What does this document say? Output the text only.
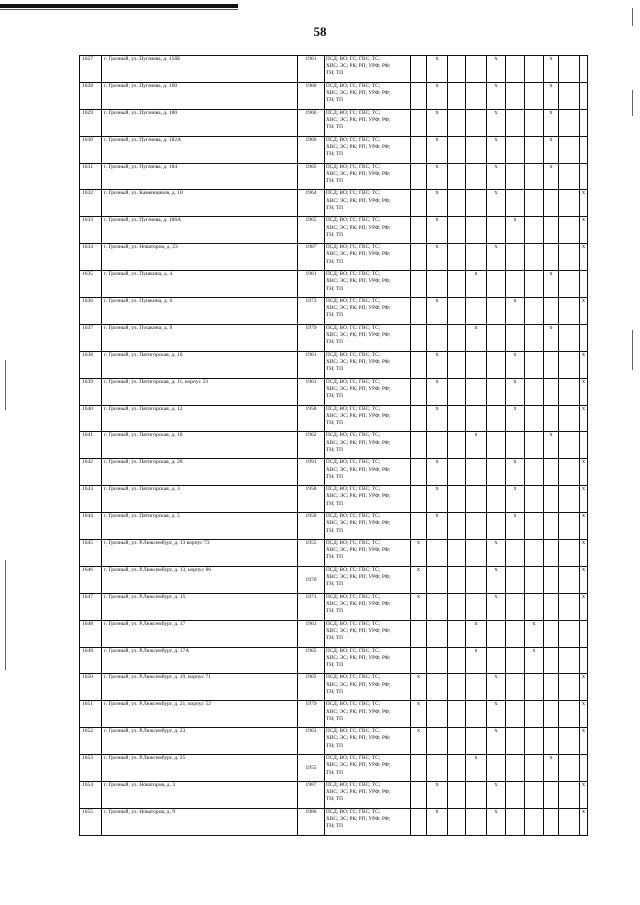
58
1627	г. Грозный, ул. Пугачева, д. 158Б	1961	ПСД; ВО; ГС; ГВС; ТС;
ХВС; ЭС; РК; РП; УРФ; РФ;
ТН; ТП		x			x			x			
1628	г. Грозный, ул. Пугачева, д. 160	1960	ПСД; ВО; ГС; ГВС; ТС;
ХВС; ЭС; РК; РП; УРФ; РФ;
ТН; ТП		x			x			x			
1629	г. Грозный, ул. Пугачева, д. 180	1966	ПСД; ВО; ГС; ГВС; ТС;
ХВС; ЭС; РК; РП; УРФ; РФ;
ТН; ТП		x			x			x			
1630	г. Грозный, ул. Пугачева, д. 182А	1966	ПСД; ВО; ГС; ГВС; ТС;
ХВС; ЭС; РК; РП; УРФ; РФ;
ТН; ТП		x			x			x			
1631	г. Грозный, ул. Пугачева, д. 184	1965	ПСД; ВО; ГС; ГВС; ТС;
ХВС; ЭС; РК; РП; УРФ; РФ;
ТН; ТП		x			x			x			
1632	г. Грозный, ул. Каменщиков, д. 10	1964	ПСД; ВО; ГС; ГВС; ТС;
ХВС; ЭС; РК; РП; УРФ; РФ;
ТН; ТП		x			x					x	
1633	г. Грозный, ул. Пугачева, д. 186А	1965	ПСД; ВО; ГС; ГВС; ТС;
ХВС; ЭС; РК; РП; УРФ; РФ;
ТН; ТП		x				x				x	
1634	г. Грозный, ул. Новаторов, д. 23	1987	ПСД; ВО; ГС; ГВС; ТС;
ХВС; ЭС; РК; РП; УРФ; РФ;
ТН; ТП		x			x					x	
1635	г. Грозный, ул. Пушкина, д. 4	1961	ПСД; ВО; ГС; ГВС; ТС;
ХВС; ЭС; РК; РП; УРФ; РФ;
ТН; ТП				x				x			
1636	г. Грозный, ул. Пушкина, д. 6	1973	ПСД; ВО; ГС; ГВС; ТС;
ХВС; ЭС; РК; РП; УРФ; РФ;
ТН; ТП		x				x				x	
1637	г. Грозный, ул. Пушкина, д. 9	1979	ПСД; ВО; ГС; ГВС; ТС;
ХВС; ЭС; РК; РП; УРФ; РФ;
ТН; ТП				x				x			
1638	г. Грозный, ул. Пятигорская, д. 10	1961	ПСД; ВО; ГС; ГВС; ТС;
ХВС; ЭС; РК; РП; УРФ; РФ;
ТН; ТП		x				x				x	
1639	г. Грозный, ул. Пятигорская, д. 11, корпус 23	1961	ПСД; ВО; ГС; ГВС; ТС;
ХВС; ЭС; РК; РП; УРФ; РФ;
ТН; ТП		x				x				x	
1640	г. Грозный, ул. Пятигорская, д. 12	1958	ПСД; ВО; ГС; ГВС; ТС;
ХВС; ЭС; РК; РП; УРФ; РФ;
ТН; ТП		x				x				x	
1641	г. Грозный, ул. Пятигорская, д. 18	1962	ПСД; ВО; ГС; ГВС; ТС;
ХВС; ЭС; РК; РП; УРФ; РФ;
ТН; ТП				x				x			
1642	г. Грозный, ул. Пятигорская, д. 28	1991	ПСД; ВО; ГС; ГВС; ТС;
ХВС; ЭС; РК; РП; УРФ; РФ;
ТН; ТП		x				x				x	
1643	г. Грозный, ул. Пятигорская, д. 3	1958	ПСД; ВО; ГС; ГВС; ТС;
ХВС; ЭС; РК; РП; УРФ; РФ;
ТН; ТП		x				x				x	
1644	г. Грозный, ул. Пятигорская, д. 5	1958	ПСД; ВО; ГС; ГВС; ТС;
ХВС; ЭС; РК; РП; УРФ; РФ;
ТН; ТП		x				x				x	
1645	г. Грозный, ул. Р.Люксембург, д. 13 корпус 73	1955	ПСД; ВО; ГС; ГВС; ТС;
ХВС; ЭС; РК; РП; УРФ; РФ;
ТН; ТП	x				x					x	
1646	г. Грозный, ул. Р.Люксембург, д. 13, корпус 86	1970	ПСД; ВО; ГС; ГВС; ТС;
ХВС; ЭС; РК; РП; УРФ; РФ;
ТН; ТП	x				x					x	
1647	г. Грозный, ул. Р.Люксембург, д. 15	1971	ПСД; ВО; ГС; ГВС; ТС;
ХВС; ЭС; РК; РП; УРФ; РФ;
ТН; ТП	x				x					x	
1648	г. Грозный, ул. Р.Люксембург, д. 17	1961	ПСД; ВО; ГС; ГВС; ТС;
ХВС; ЭС; РК; РП; УРФ; РФ;
ТН; ТП				x			x				
1649	г. Грозный, ул. Р.Люксембург, д. 17А	1965	ПСД; ВО; ГС; ГВС; ТС;
ХВС; ЭС; РК; РП; УРФ; РФ;
ТН; ТП				x			x				
1650	г. Грозный, ул. Р.Люксембург, д. 19, корпус 71	1965	ПСД; ВО; ГС; ГВС; ТС;
ХВС; ЭС; РК; РП; УРФ; РФ;
ТН; ТП	x				x					x	
1651	г. Грозный, ул. Р.Люксембург, д. 21, корпус 52	1979	ПСД; ВО; ГС; ГВС; ТС;
ХВС; ЭС; РК; РП; УРФ; РФ;
ТН; ТП	x				x					x	
1652	г. Грозный, ул. Р.Люксембург, д. 23	1963	ПСД; ВО; ГС; ГВС; ТС;
ХВС; ЭС; РК; РП; УРФ; РФ;
ТН; ТП	x				x					x	
1653	г. Грозный, ул. Р.Люксембург, д. 25	1955	ПСД; ВО; ГС; ГВС; ТС;
ХВС; ЭС; РК; РП; УРФ; РФ;
ТН; ТП				x				x			
1654	г. Грозный, ул. Новаторов, д. 3	1987	ПСД; ВО; ГС; ГВС; ТС;
ХВС; ЭС; РК; РП; УРФ; РФ;
ТН; ТП		x			x					x	
1655	г. Грозный, ул. Новаторов, д. 9	1986	ПСД; ВО; ГС; ГВС; ТС;
ХВС; ЭС; РК; РП; УРФ; РФ;
ТН; ТП		x			x					x	
